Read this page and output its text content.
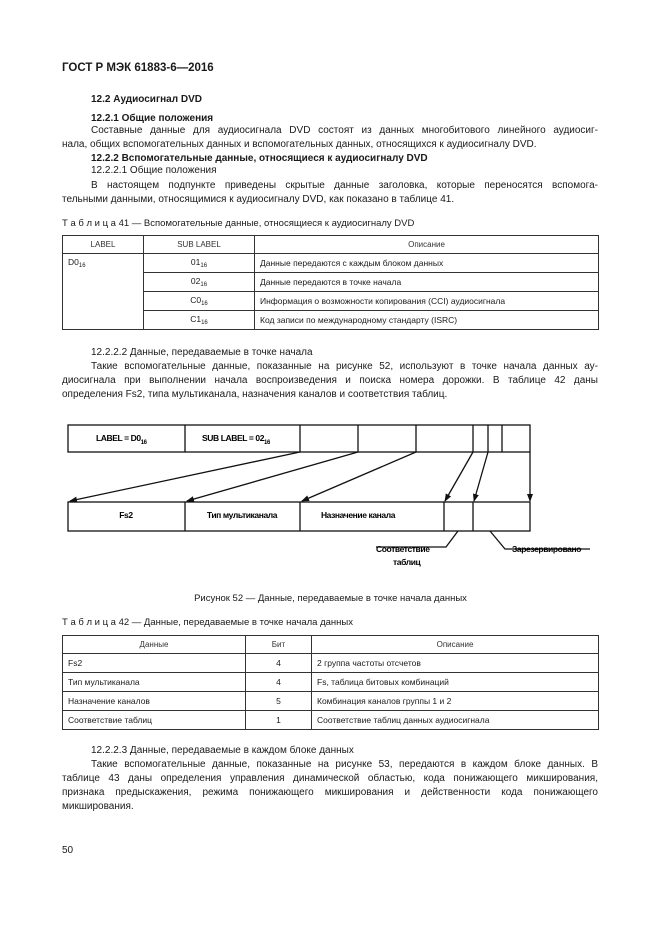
ГОСТ Р МЭК 61883-6—2016
12.2 Аудиосигнал DVD
12.2.1 Общие положения
Составные данные для аудиосигнала DVD состоят из данных многобитового линейного аудиосиг-
нала, общих вспомогательных данных и вспомогательных данных, относящихся к аудиосигналу DVD.
12.2.2 Вспомогательные данные, относящиеся к аудиосигналу DVD
12.2.2.1 Общие положения
В настоящем подпункте приведены скрытые данные заголовка, которые переносятся вспомога-
тельными данными, относящимися к аудиосигналу DVD, как показано в таблице 41.
Т а б л и ц а 41 — Вспомогательные данные, относящиеся к аудиосигналу DVD
LABEL	SUB LABEL	Описание
$D0_{16}$	$01_{16}$	Данные передаются с каждым блоком данных
	$02_{16}$	Данные передаются в точке начала
	$C0_{16}$	Информация о возможности копирования (CCI) аудиосигнала
	$C1_{16}$	Код записи по международному стандарту (ISRC)
12.2.2.2 Данные, передаваемые в точке начала
Такие вспомогательные данные, показанные на рисунке 52, используют в точке начала данных ау-
диосигнала при выполнении начала воспроизведения и поиска номера дорожки. В таблице 42 даны
определения Fs2, типа мультиканала, назначения каналов и соответствия таблиц.
LABEL = $D0_{16}$	SUB LABEL = $02_{16}$
Fs2	Тип мультиканала	Назначение канала
Соответствие
таблиц
Зарезервировано
Рисунок 52 — Данные, передаваемые в точке начала данных
Т а б л и ц а 42 — Данные, передаваемые в точке начала данных
Данные	Бит	Описание
Fs2	4	2 группа частоты отсчетов
Тип мультиканала	4	Fs, таблица битовых комбинаций
Назначение каналов	5	Комбинация каналов группы 1 и 2
Соответствие таблиц	1	Соответствие таблиц данных аудиосигнала
12.2.2.3 Данные, передаваемые в каждом блоке данных
Такие вспомогательные данные, показанные на рисунке 53, передаются в каждом блоке данных. В
таблице 43 даны определения управления динамической областью, кода понижающего микширования,
признака предыскажения, режима понижающего микширования и действенности кода понижающего
микширования.
50
